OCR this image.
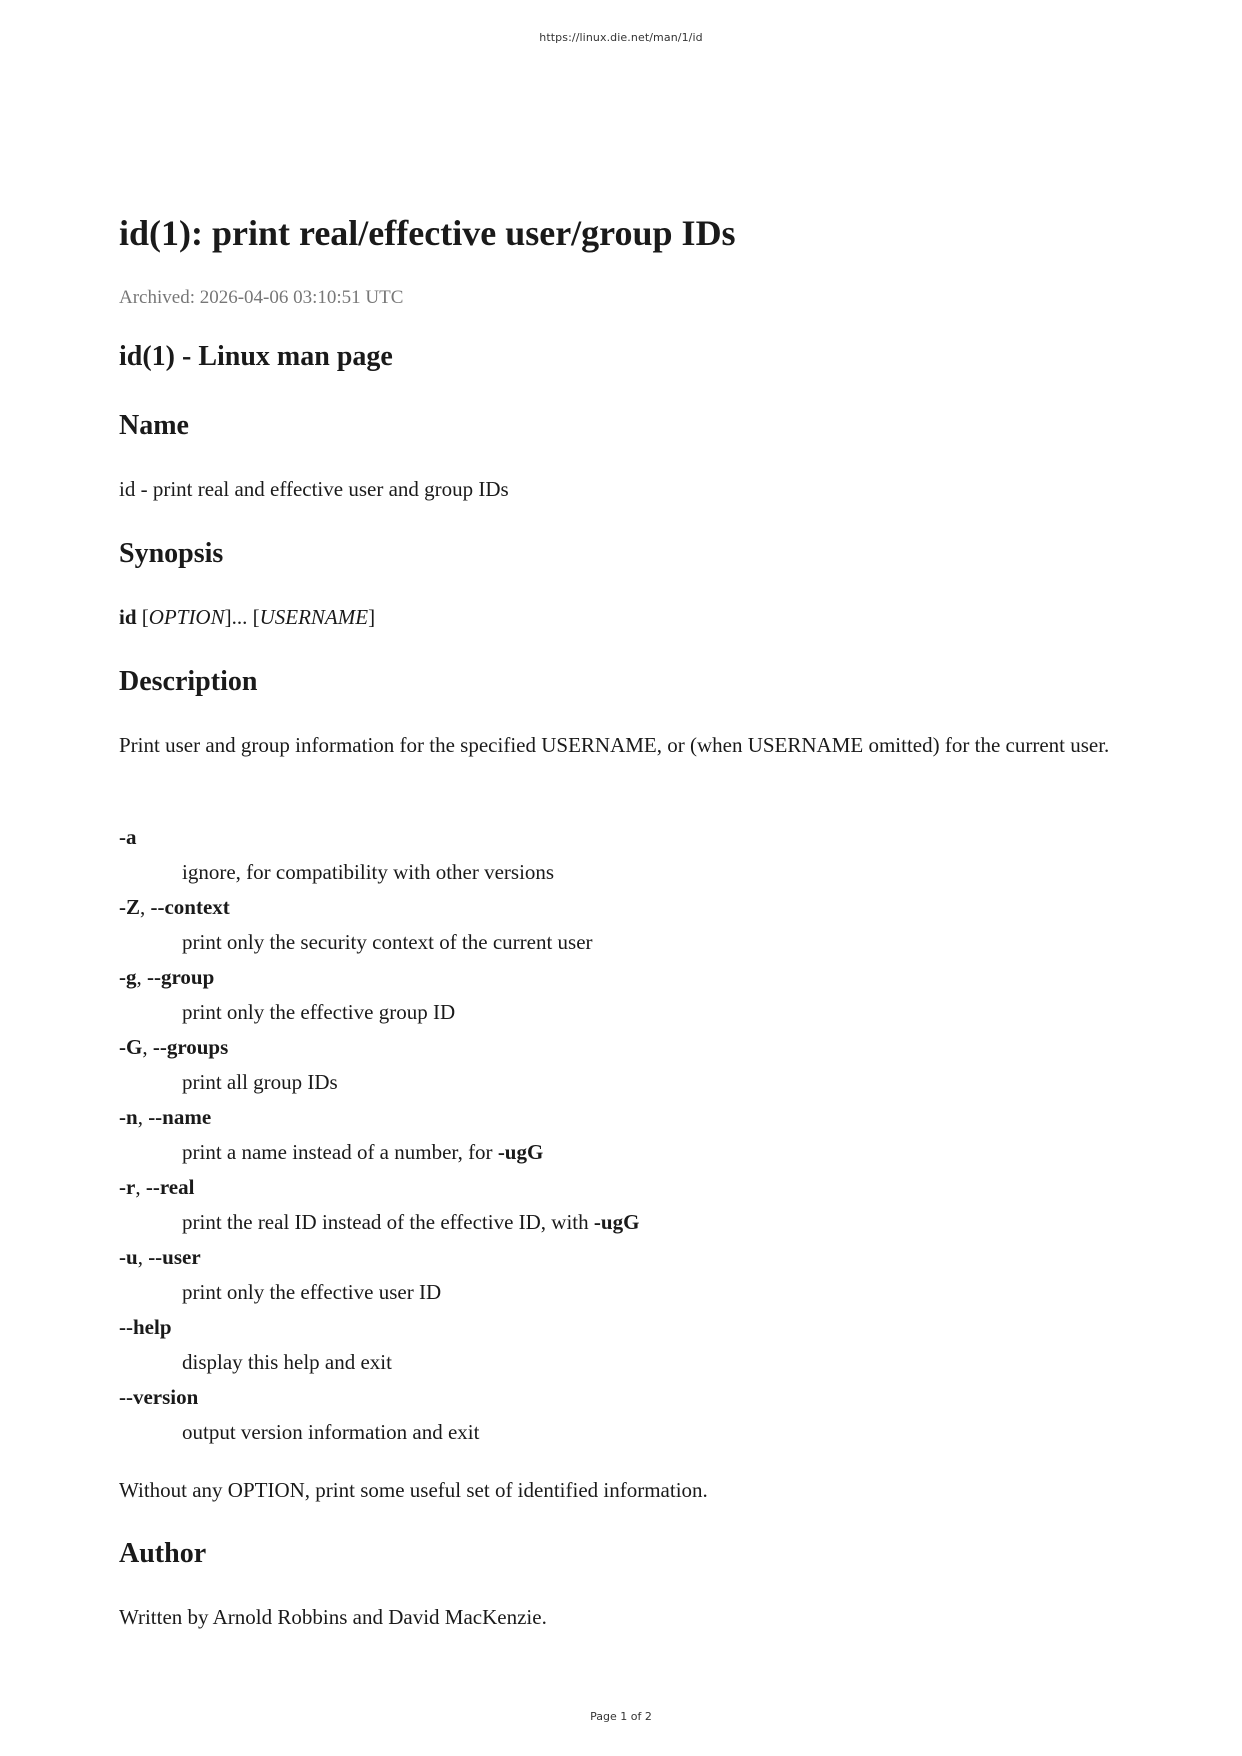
https://linux.die.net/man/1/id
id(1): print real/effective user/group IDs
Archived: 2026-04-06 03:10:51 UTC
id(1) - Linux man page
Name
id - print real and effective user and group IDs
Synopsis
id [OPTION]... [USERNAME]
Description
Print user and group information for the specified USERNAME, or (when USERNAME omitted) for the current user.
-a
ignore, for compatibility with other versions
-Z, --context
print only the security context of the current user
-g, --group
print only the effective group ID
-G, --groups
print all group IDs
-n, --name
print a name instead of a number, for -ugG
-r, --real
print the real ID instead of the effective ID, with -ugG
-u, --user
print only the effective user ID
--help
display this help and exit
--version
output version information and exit
Without any OPTION, print some useful set of identified information.
Author
Written by Arnold Robbins and David MacKenzie.
Page 1 of 2
